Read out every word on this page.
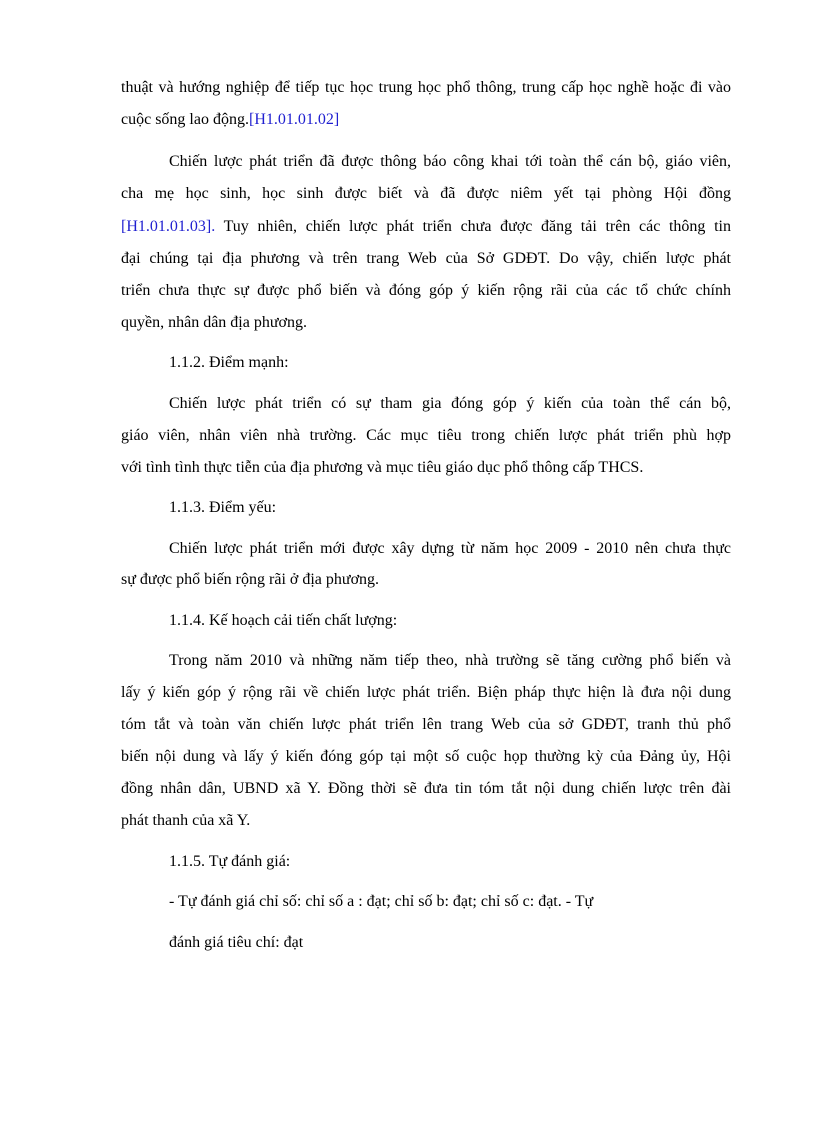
thuật và hướng nghiệp để tiếp tục học trung học phổ thông, trung cấp học nghề hoặc đi vào
cuộc sống lao động.[H1.01.01.02]
Chiến lược phát triển đã được thông báo công khai tới toàn thể cán bộ, giáo viên,
cha mẹ học sinh, học sinh được biết và đã được niêm yết tại phòng Hội đồng
[H1.01.01.03]. Tuy nhiên, chiến lược phát triển chưa được đăng tải trên các thông tin
đại chúng tại địa phương và trên trang Web của Sở GDĐT. Do vậy, chiến lược phát
triển chưa thực sự được phổ biến và đóng góp ý kiến rộng rãi của các tổ chức chính
quyền, nhân dân địa phương.
1.1.2. Điểm mạnh:
Chiến lược phát triển có sự tham gia đóng góp ý kiến của toàn thể cán bộ,
giáo viên, nhân viên nhà trường. Các mục tiêu trong chiến lược phát triển phù hợp
với tình tình thực tiễn của địa phương và mục tiêu giáo dục phổ thông cấp THCS.
1.1.3. Điểm yếu:
Chiến lược phát triển mới được xây dựng từ năm học 2009 - 2010 nên chưa thực
sự được phổ biến rộng rãi ở địa phương.
1.1.4. Kế hoạch cải tiến chất lượng:
Trong năm 2010 và những năm tiếp theo, nhà trường sẽ tăng cường phổ biến và
lấy ý kiến góp ý rộng rãi về chiến lược phát triển. Biện pháp thực hiện là đưa nội dung
tóm tắt và toàn văn chiến lược phát triển lên trang Web của sở GDĐT, tranh thủ phổ
biến nội dung và lấy ý kiến đóng góp tại một số cuộc họp thường kỳ của Đảng ủy, Hội
đồng nhân dân, UBND xã Y. Đồng thời sẽ đưa tin tóm tắt nội dung chiến lược trên đài
phát thanh của xã Y.
1.1.5. Tự đánh giá:
- Tự đánh giá chỉ số: chỉ số a : đạt; chỉ số b: đạt; chỉ số c: đạt. - Tự
đánh giá tiêu chí: đạt
